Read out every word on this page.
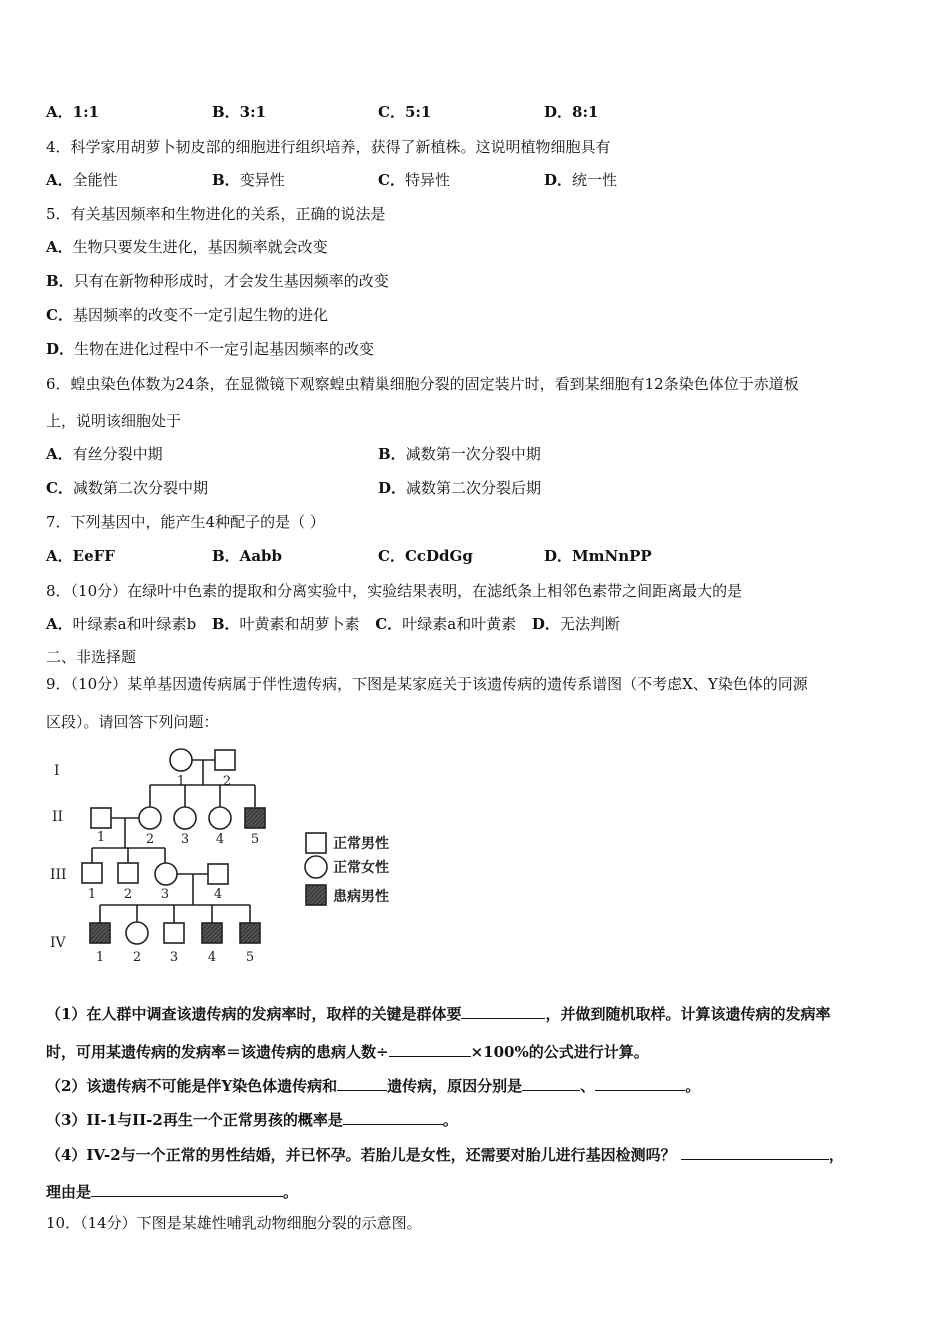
A．1:1	B．3:1	C．5:1	D．8:1
4．科学家用胡萝卜韧皮部的细胞进行组织培养，获得了新植株。这说明植物细胞具有
A．全能性	B．变异性	C．特异性	D．统一性
5．有关基因频率和生物进化的关系，正确的说法是
A．生物只要发生进化，基因频率就会改变
B．只有在新物种形成时，才会发生基因频率的改变
C．基因频率的改变不一定引起生物的进化
D．生物在进化过程中不一定引起基因频率的改变
6．蝗虫染色体数为24条，在显微镜下观察蝗虫精巢细胞分裂的固定装片时，看到某细胞有12条染色体位于赤道板
上，说明该细胞处于
A．有丝分裂中期	B．减数第一次分裂中期
C．减数第二次分裂中期	D．减数第二次分裂后期
7．下列基因中，能产生4种配子的是（ ）
A．EeFF	B．Aabb	C．CcDdGg	D．MmNnPP
8．（10分）在绿叶中色素的提取和分离实验中，实验结果表明，在滤纸条上相邻色素带之间距离最大的是
A．叶绿素a和叶绿素b B．叶黄素和胡萝卜素 C．叶绿素a和叶黄素 D．无法判断
二、非选择题
9．（10分）某单基因遗传病属于伴性遗传病，下图是某家庭关于该遗传病的遗传系谱图（不考虑X、Y染色体的同源
区段）。请回答下列问题：
I
II
III
IV
1	2
1	2 3 4 5
1 2 3	4
1 2 3 4 5
正常男性
正常女性
患病男性
（1）在人群中调查该遗传病的发病率时，取样的关键是群体要	，并做到随机取样。计算该遗传病的发病率
时，可用某遗传病的发病率＝该遗传病的患病人数÷	×100%的公式进行计算。
（2）该遗传病不可能是伴Y染色体遗传病和	遗传病，原因分别是	、	。
（3）II-1与II-2再生一个正常男孩的概率是	。
（4）IV-2与一个正常的男性结婚，并已怀孕。若胎儿是女性，还需要对胎儿进行基因检测吗？	，
理由是	。
10．（14分）下图是某雄性哺乳动物细胞分裂的示意图。
